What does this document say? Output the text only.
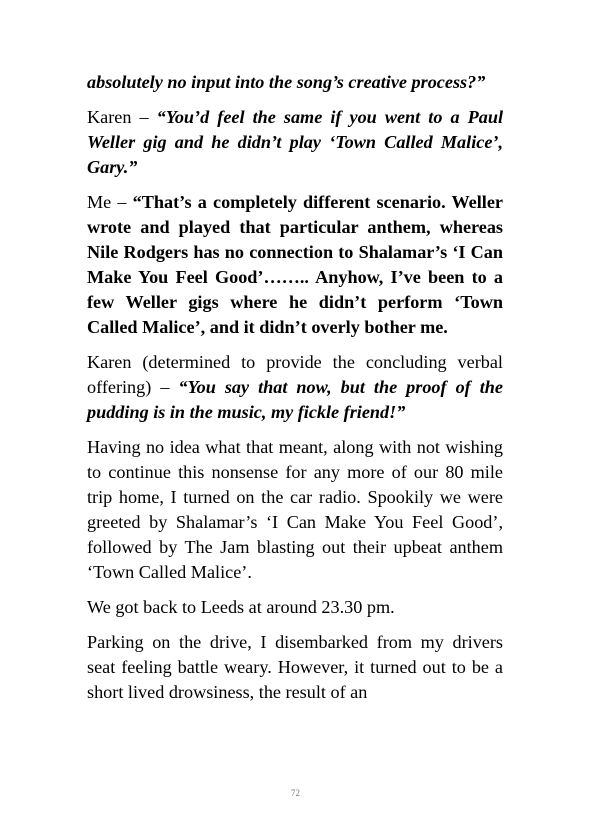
absolutely no input into the song’s creative process?”

Karen – “You’d feel the same if you went to a Paul Weller gig and he didn’t play ‘Town Called Malice’, Gary.”

Me – “That’s a completely different scenario. Weller wrote and played that particular anthem, whereas Nile Rodgers has no connection to Shalamar’s ‘I Can Make You Feel Good’…….. Anyhow, I’ve been to a few Weller gigs where he didn’t perform ‘Town Called Malice’, and it didn’t overly bother me.

Karen (determined to provide the concluding verbal offering) – “You say that now, but the proof of the pudding is in the music, my fickle friend!”

Having no idea what that meant, along with not wishing to continue this nonsense for any more of our 80 mile trip home, I turned on the car radio. Spookily we were greeted by Shalamar’s ‘I Can Make You Feel Good’, followed by The Jam blasting out their upbeat anthem ‘Town Called Malice’.

We got back to Leeds at around 23.30 pm.

Parking on the drive, I disembarked from my drivers seat feeling battle weary. However, it turned out to be a short lived drowsiness, the result of an

72
